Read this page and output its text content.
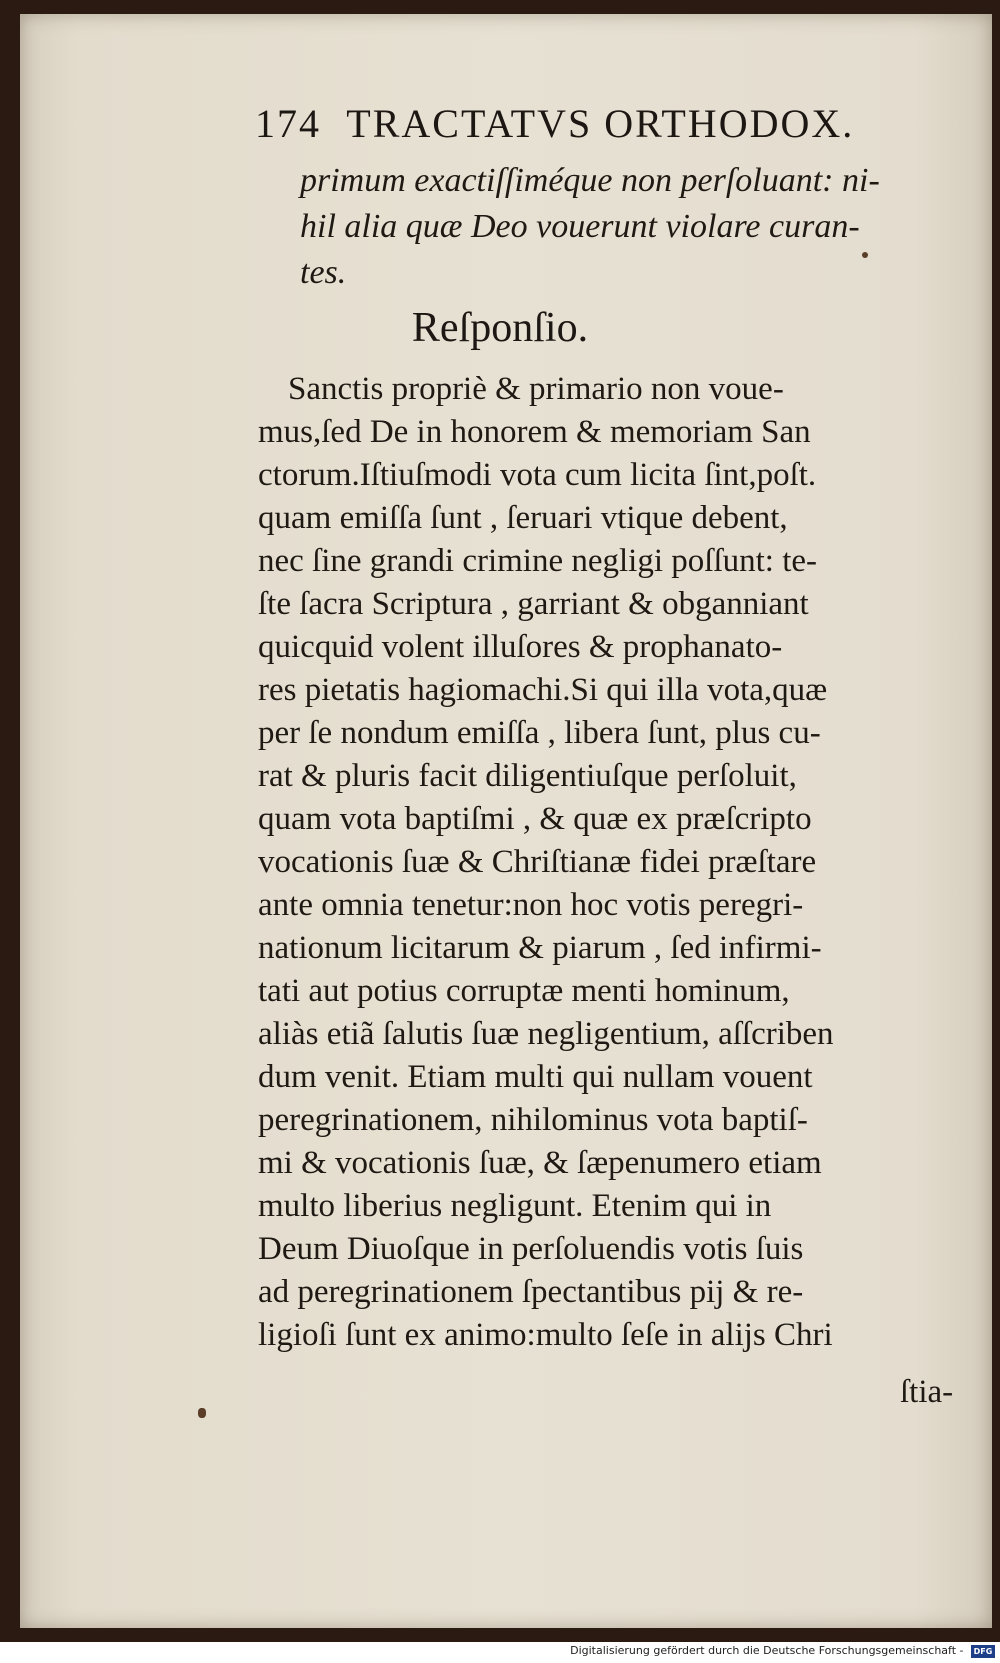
174 TRACTATVS ORTHODOX.
primum exactiſſiméque non perſoluant: ni-
hil alia quæ Deo vouerunt violare curan-
tes.
Reſponſio.
Sanctis propriè & primario non voue-
mus,ſed De in honorem & memoriam San
ctorum.Iſtiuſmodi vota cum licita ſint,poſt.
quam emiſſa ſunt , ſeruari vtique debent,
nec ſine grandi crimine negligi poſſunt: te-
ſte ſacra Scriptura , garriant & obganniant
quicquid volent illuſores & prophanato-
res pietatis hagiomachi.Si qui illa vota,quæ
per ſe nondum emiſſa , libera ſunt, plus cu-
rat & pluris facit diligentiuſque perſoluit,
quam vota baptiſmi , & quæ ex præſcripto
vocationis ſuæ & Chriſtianæ fidei præſtare
ante omnia tenetur:non hoc votis peregri-
nationum licitarum & piarum , ſed infirmi-
tati aut potius corruptæ menti hominum,
aliàs etiã ſalutis ſuæ negligentium, aſſcriben
dum venit. Etiam multi qui nullam vouent
peregrinationem, nihilominus vota baptiſ-
mi & vocationis ſuæ, & ſæpenumero etiam
multo liberius negligunt. Etenim qui in
Deum Diuoſque in perſoluendis votis ſuis
ad peregrinationem ſpectantibus pij & re-
ligioſi ſunt ex animo:multo ſeſe in alijs Chri
ſtia-
Digitalisierung gefördert durch die Deutsche Forschungsgemeinschaft - DFG
